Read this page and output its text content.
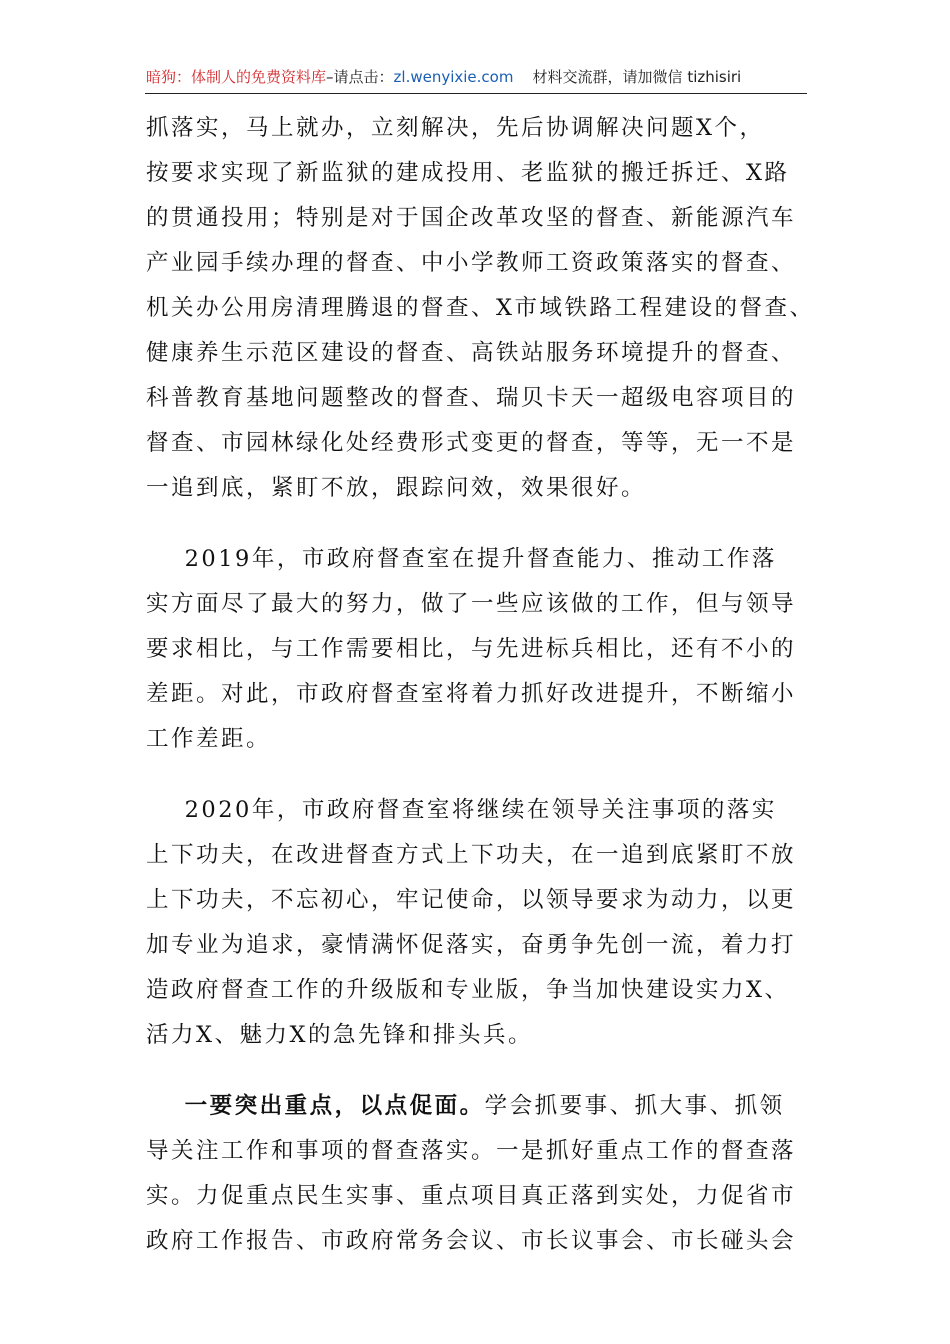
暗狗：体制人的免费资料库–请点击：zl.wenyixie.com 材料交流群，请加微信 tizhisiri
抓落实，马上就办，立刻解决，先后协调解决问题X个，
按要求实现了新监狱的建成投用、老监狱的搬迁拆迁、X路
的贯通投用；特别是对于国企改革攻坚的督查、新能源汽车
产业园手续办理的督查、中小学教师工资政策落实的督查、
机关办公用房清理腾退的督查、X市域铁路工程建设的督查、
健康养生示范区建设的督查、高铁站服务环境提升的督查、
科普教育基地问题整改的督查、瑞贝卡天一超级电容项目的
督查、市园林绿化处经费形式变更的督查，等等，无一不是
一追到底，紧盯不放，跟踪问效，效果很好。
2019年，市政府督查室在提升督查能力、推动工作落
实方面尽了最大的努力，做了一些应该做的工作，但与领导
要求相比，与工作需要相比，与先进标兵相比，还有不小的
差距。对此，市政府督查室将着力抓好改进提升，不断缩小
工作差距。
2020年，市政府督查室将继续在领导关注事项的落实
上下功夫，在改进督查方式上下功夫，在一追到底紧盯不放
上下功夫，不忘初心，牢记使命，以领导要求为动力，以更
加专业为追求，豪情满怀促落实，奋勇争先创一流，着力打
造政府督查工作的升级版和专业版，争当加快建设实力X、
活力X、魅力X的急先锋和排头兵。
一要突出重点，以点促面。学会抓要事、抓大事、抓领
导关注工作和事项的督查落实。一是抓好重点工作的督查落
实。力促重点民生实事、重点项目真正落到实处，力促省市
政府工作报告、市政府常务会议、市长议事会、市长碰头会
